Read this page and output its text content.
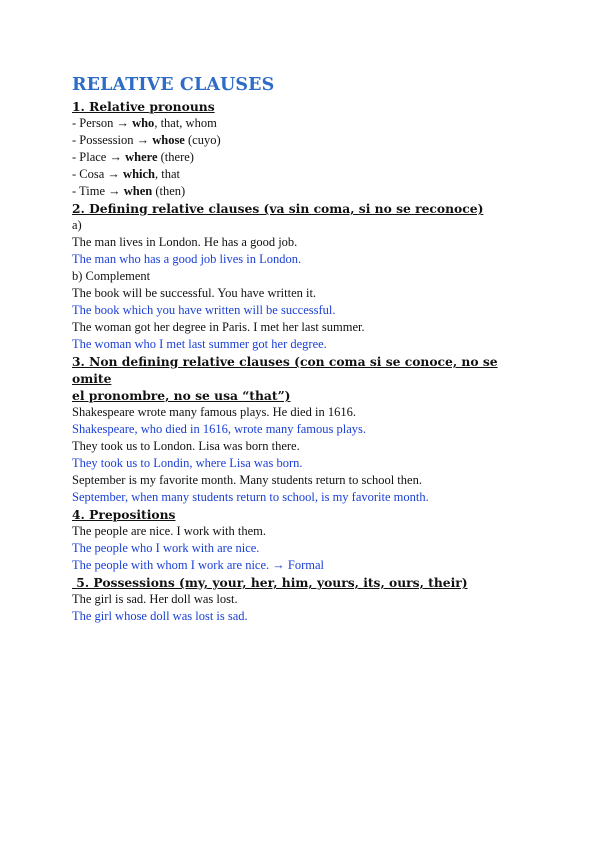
RELATIVE CLAUSES
1. Relative pronouns
- Person → who, that, whom
- Possession → whose (cuyo)
- Place → where (there)
- Cosa → which, that
- Time → when (then)
2. Defining relative clauses (va sin coma, si no se reconoce)
a)
The man lives in London. He has a good job.
The man who has a good job lives in London.
b) Complement
The book will be successful. You have written it.
The book which you have written will be successful.
The woman got her degree in Paris. I met her last summer.
The woman who I met last summer got her degree.
3. Non defining relative clauses (con coma si se conoce, no se omite
el pronombre, no se usa “that”)
Shakespeare wrote many famous plays. He died in 1616.
Shakespeare, who died in 1616, wrote many famous plays.
They took us to London. Lisa was born there.
They took us to Londin, where Lisa was born.
September is my favorite month. Many students return to school then.
September, when many students return to school, is my favorite month.
4. Prepositions
The people are nice. I work with them.
The people who I work with are nice.
The people with whom I work are nice. → Formal
5. Possessions (my, your, her, him, yours, its, ours, their)
The girl is sad. Her doll was lost.
The girl whose doll was lost is sad.
